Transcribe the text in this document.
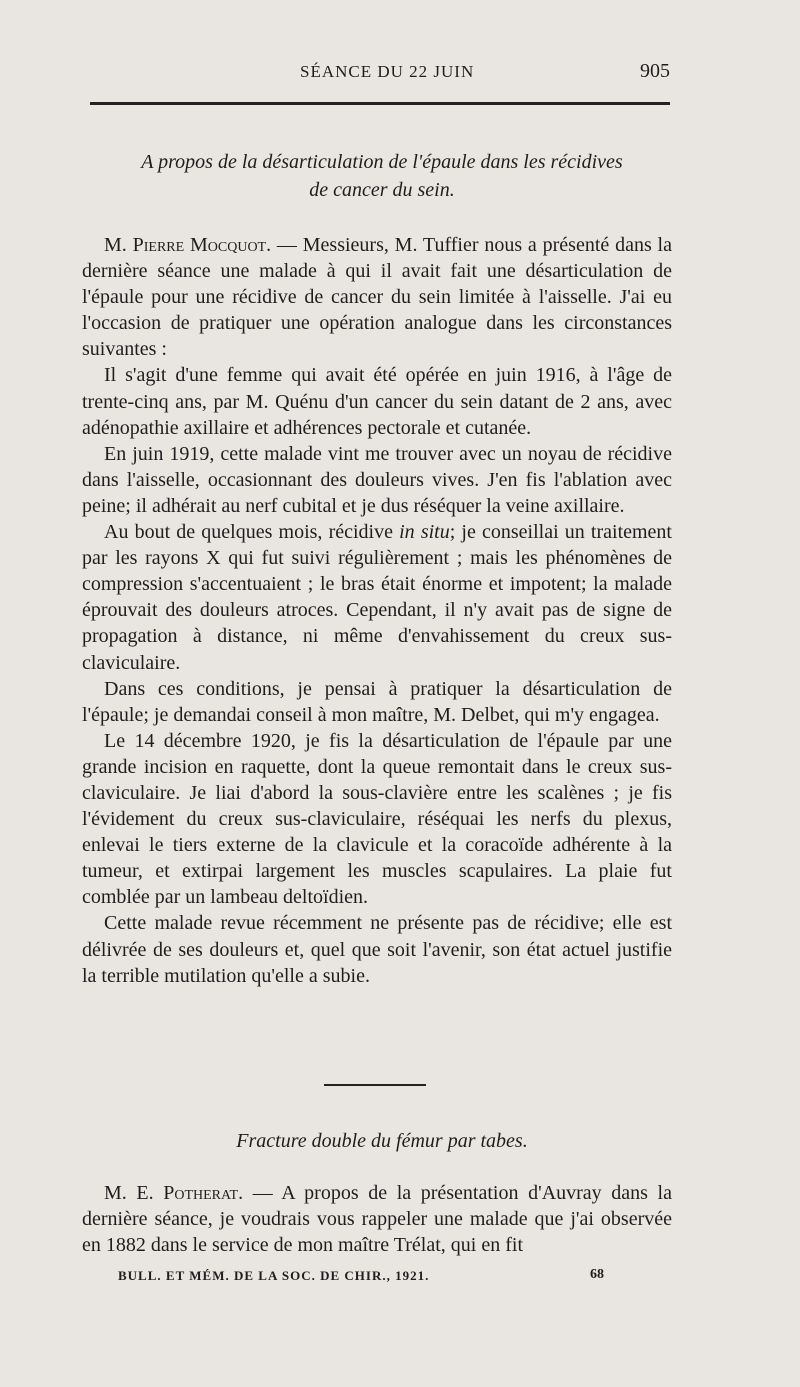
SÉANCE DU 22 JUIN	905
A propos de la désarticulation de l'épaule dans les récidives
de cancer du sein.

M. Pierre Mocquot. — Messieurs, M. Tuffier nous a présenté dans la dernière séance une malade à qui il avait fait une désarticulation de l'épaule pour une récidive de cancer du sein limitée à l'aisselle. J'ai eu l'occasion de pratiquer une opération analogue dans les circonstances suivantes :

Il s'agit d'une femme qui avait été opérée en juin 1916, à l'âge de trente-cinq ans, par M. Quénu d'un cancer du sein datant de 2 ans, avec adénopathie axillaire et adhérences pectorale et cutanée.

En juin 1919, cette malade vint me trouver avec un noyau de récidive dans l'aisselle, occasionnant des douleurs vives. J'en fis l'ablation avec peine; il adhérait au nerf cubital et je dus réséquer la veine axillaire.

Au bout de quelques mois, récidive in situ; je conseillai un traitement par les rayons X qui fut suivi régulièrement ; mais les phénomènes de compression s'accentuaient ; le bras était énorme et impotent; la malade éprouvait des douleurs atroces. Cependant, il n'y avait pas de signe de propagation à distance, ni même d'envahissement du creux sus-claviculaire.

Dans ces conditions, je pensai à pratiquer la désarticulation de l'épaule; je demandai conseil à mon maître, M. Delbet, qui m'y engagea.

Le 14 décembre 1920, je fis la désarticulation de l'épaule par une grande incision en raquette, dont la queue remontait dans le creux sus-claviculaire. Je liai d'abord la sous-clavière entre les scalènes ; je fis l'évidement du creux sus-claviculaire, réséquai les nerfs du plexus, enlevai le tiers externe de la clavicule et la coracoïde adhérente à la tumeur, et extirpai largement les muscles scapulaires. La plaie fut comblée par un lambeau deltoïdien.

Cette malade revue récemment ne présente pas de récidive; elle est délivrée de ses douleurs et, quel que soit l'avenir, son état actuel justifie la terrible mutilation qu'elle a subie.

Fracture double du fémur par tabes.

M. E. Potherat. — A propos de la présentation d'Auvray dans la dernière séance, je voudrais vous rappeler une malade que j'ai observée en 1882 dans le service de mon maître Trélat, qui en fit

BULL. ET MÉM. DE LA SOC. DE CHIR., 1921.	68
